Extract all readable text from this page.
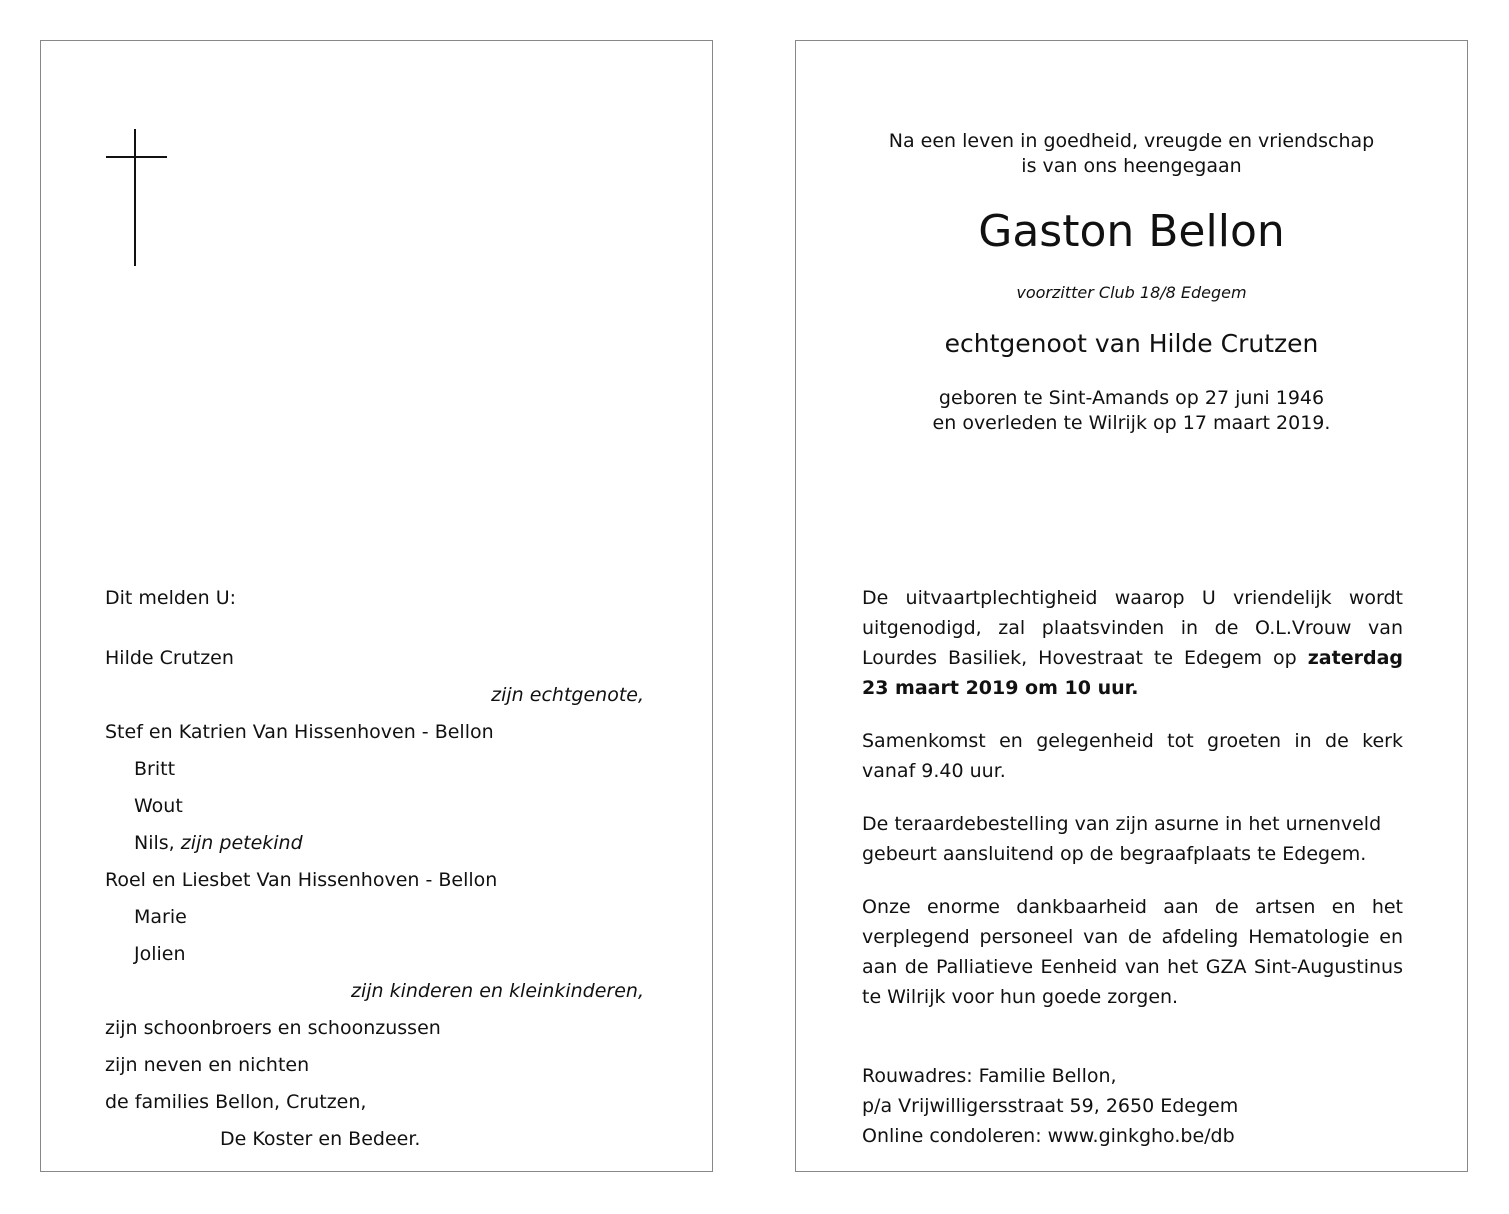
Dit melden U:
Hilde Crutzen
zijn echtgenote,
Stef en Katrien Van Hissenhoven - Bellon
Britt
Wout
Nils, zijn petekind
Roel en Liesbet Van Hissenhoven - Bellon
Marie
Jolien
zijn kinderen en kleinkinderen,
zijn schoonbroers en schoonzussen
zijn neven en nichten
de families Bellon, Crutzen,
De Koster en Bedeer.
Na een leven in goedheid, vreugde en vriendschap
is van ons heengegaan
Gaston Bellon
voorzitter Club 18/8 Edegem
echtgenoot van Hilde Crutzen
geboren te Sint-Amands op 27 juni 1946
en overleden te Wilrijk op 17 maart 2019.
De uitvaartplechtigheid waarop U vriendelijk wordt uitgenodigd, zal plaatsvinden in de O.L.Vrouw van Lourdes Basiliek, Hovestraat te Edegem op zaterdag 23 maart 2019 om 10 uur.
Samenkomst en gelegenheid tot groeten in de kerk vanaf 9.40 uur.
De teraardebestelling van zijn asurne in het urnenveld gebeurt aansluitend op de begraafplaats te Edegem.
Onze enorme dankbaarheid aan de artsen en het verplegend personeel van de afdeling Hematologie en aan de Palliatieve Eenheid van het GZA Sint-Augustinus te Wilrijk voor hun goede zorgen.
Rouwadres: Familie Bellon,
p/a Vrijwilligersstraat 59, 2650 Edegem
Online condoleren: www.ginkgho.be/db
